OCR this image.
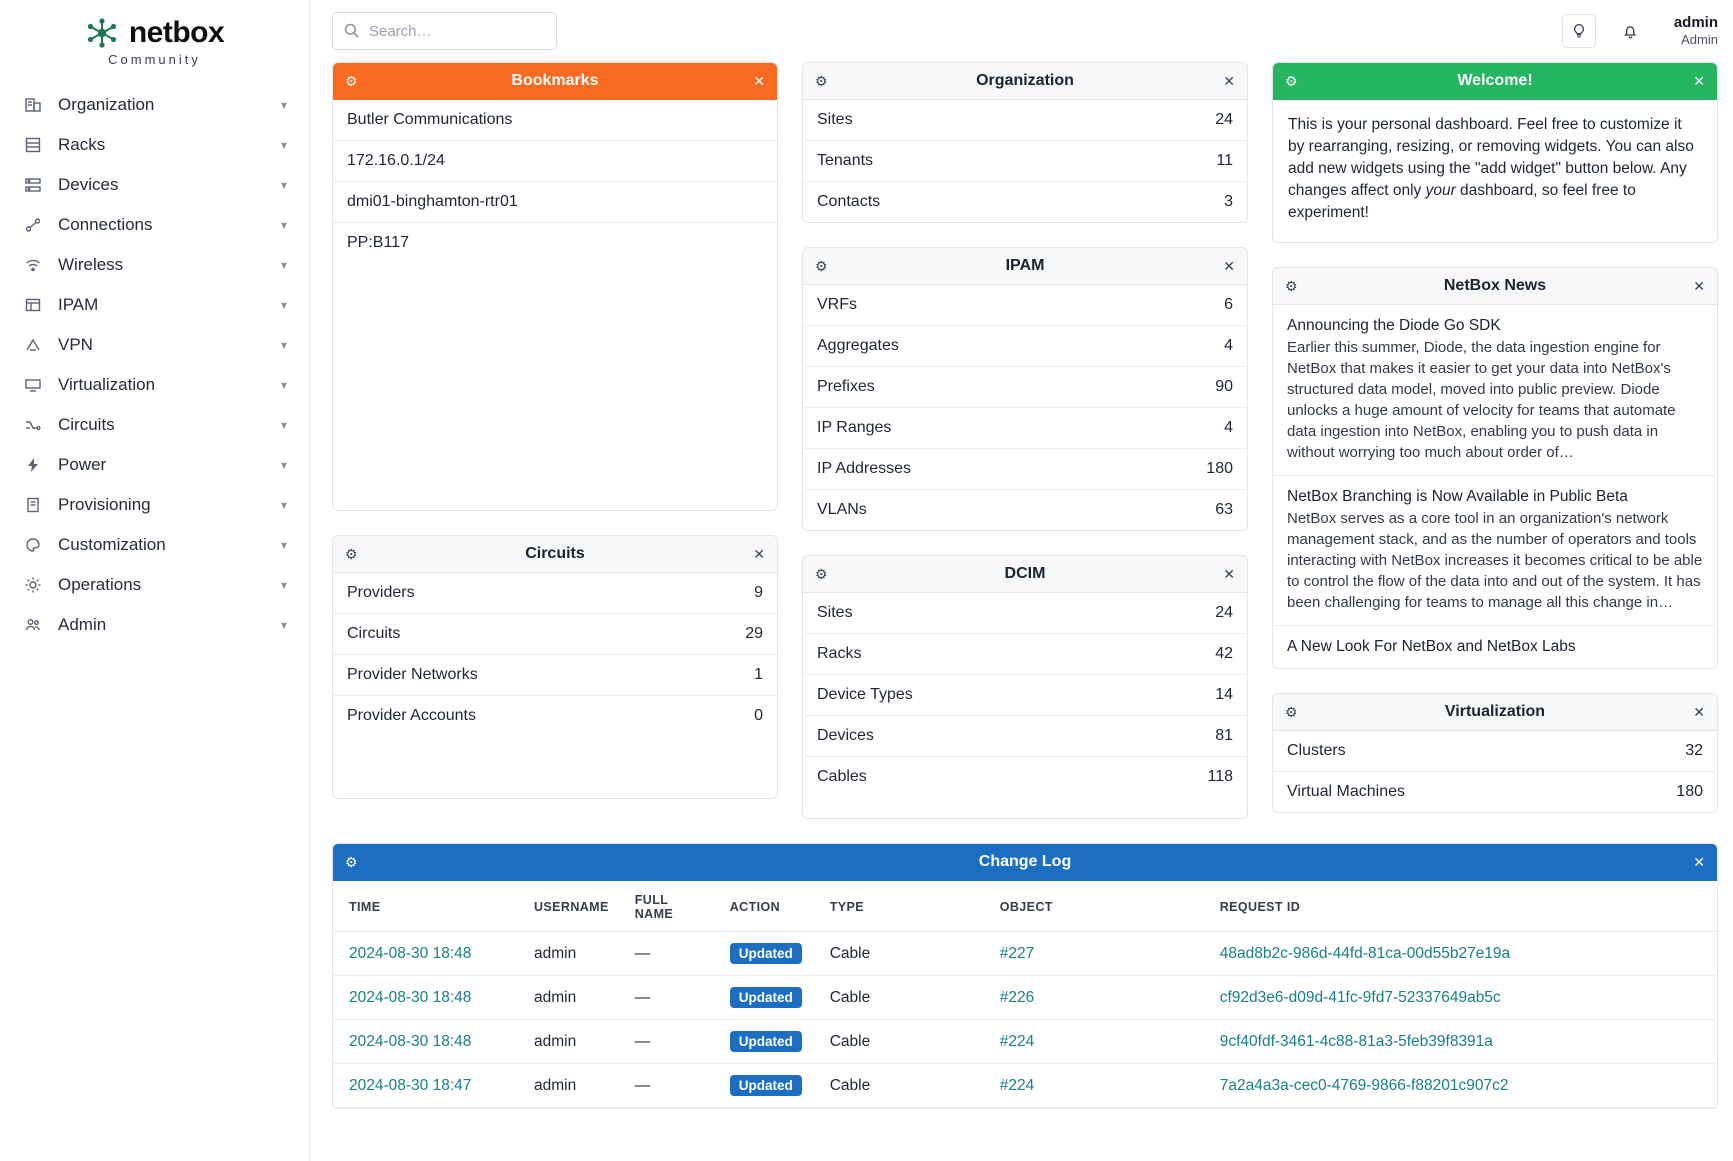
netbox
Community
Organization	▾
Racks	▾
Devices	▾
Connections	▾
Wireless	▾
IPAM	▾
VPN	▾
Virtualization	▾
Circuits	▾
Power	▾
Provisioning	▾
Customization	▾
Operations	▾
Admin	▾
Search…
admin
Admin
⚙	Bookmarks	✕
Butler Communications
172.16.0.1/24
dmi01-binghamton-rtr01
PP:B117
⚙	Circuits	✕
Providers	9
Circuits	29
Provider Networks	1
Provider Accounts	0
⚙	Organization	✕
Sites	24
Tenants	11
Contacts	3
⚙	IPAM	✕
VRFs	6
Aggregates	4
Prefixes	90
IP Ranges	4
IP Addresses	180
VLANs	63
⚙	DCIM	✕
Sites	24
Racks	42
Device Types	14
Devices	81
Cables	118
⚙	Welcome!	✕
This is your personal dashboard. Feel free to customize it by rearranging, resizing, or removing widgets. You can also add new widgets using the "add widget" button below. Any changes affect only your dashboard, so feel free to experiment!
⚙	NetBox News	✕
Announcing the Diode Go SDK
Earlier this summer, Diode, the data ingestion engine for NetBox that makes it easier to get your data into NetBox's structured data model, moved into public preview. Diode unlocks a huge amount of velocity for teams that automate data ingestion into NetBox, enabling you to push data in without worrying too much about order of…
NetBox Branching is Now Available in Public Beta
NetBox serves as a core tool in an organization's network management stack, and as the number of operators and tools interacting with NetBox increases it becomes critical to be able to control the flow of the data into and out of the system. It has been challenging for teams to manage all this change in…
A New Look For NetBox and NetBox Labs
⚙	Virtualization	✕
Clusters	32
Virtual Machines	180
⚙	Change Log	✕
TIME	USERNAME	FULL NAME	ACTION	TYPE	OBJECT	REQUEST ID
2024-08-30 18:48	admin	—	Updated	Cable	#227	48ad8b2c-986d-44fd-81ca-00d55b27e19a
2024-08-30 18:48	admin	—	Updated	Cable	#226	cf92d3e6-d09d-41fc-9fd7-52337649ab5c
2024-08-30 18:48	admin	—	Updated	Cable	#224	9cf40fdf-3461-4c88-81a3-5feb39f8391a
2024-08-30 18:47	admin	—	Updated	Cable	#224	7a2a4a3a-cec0-4769-9866-f88201c907c2
